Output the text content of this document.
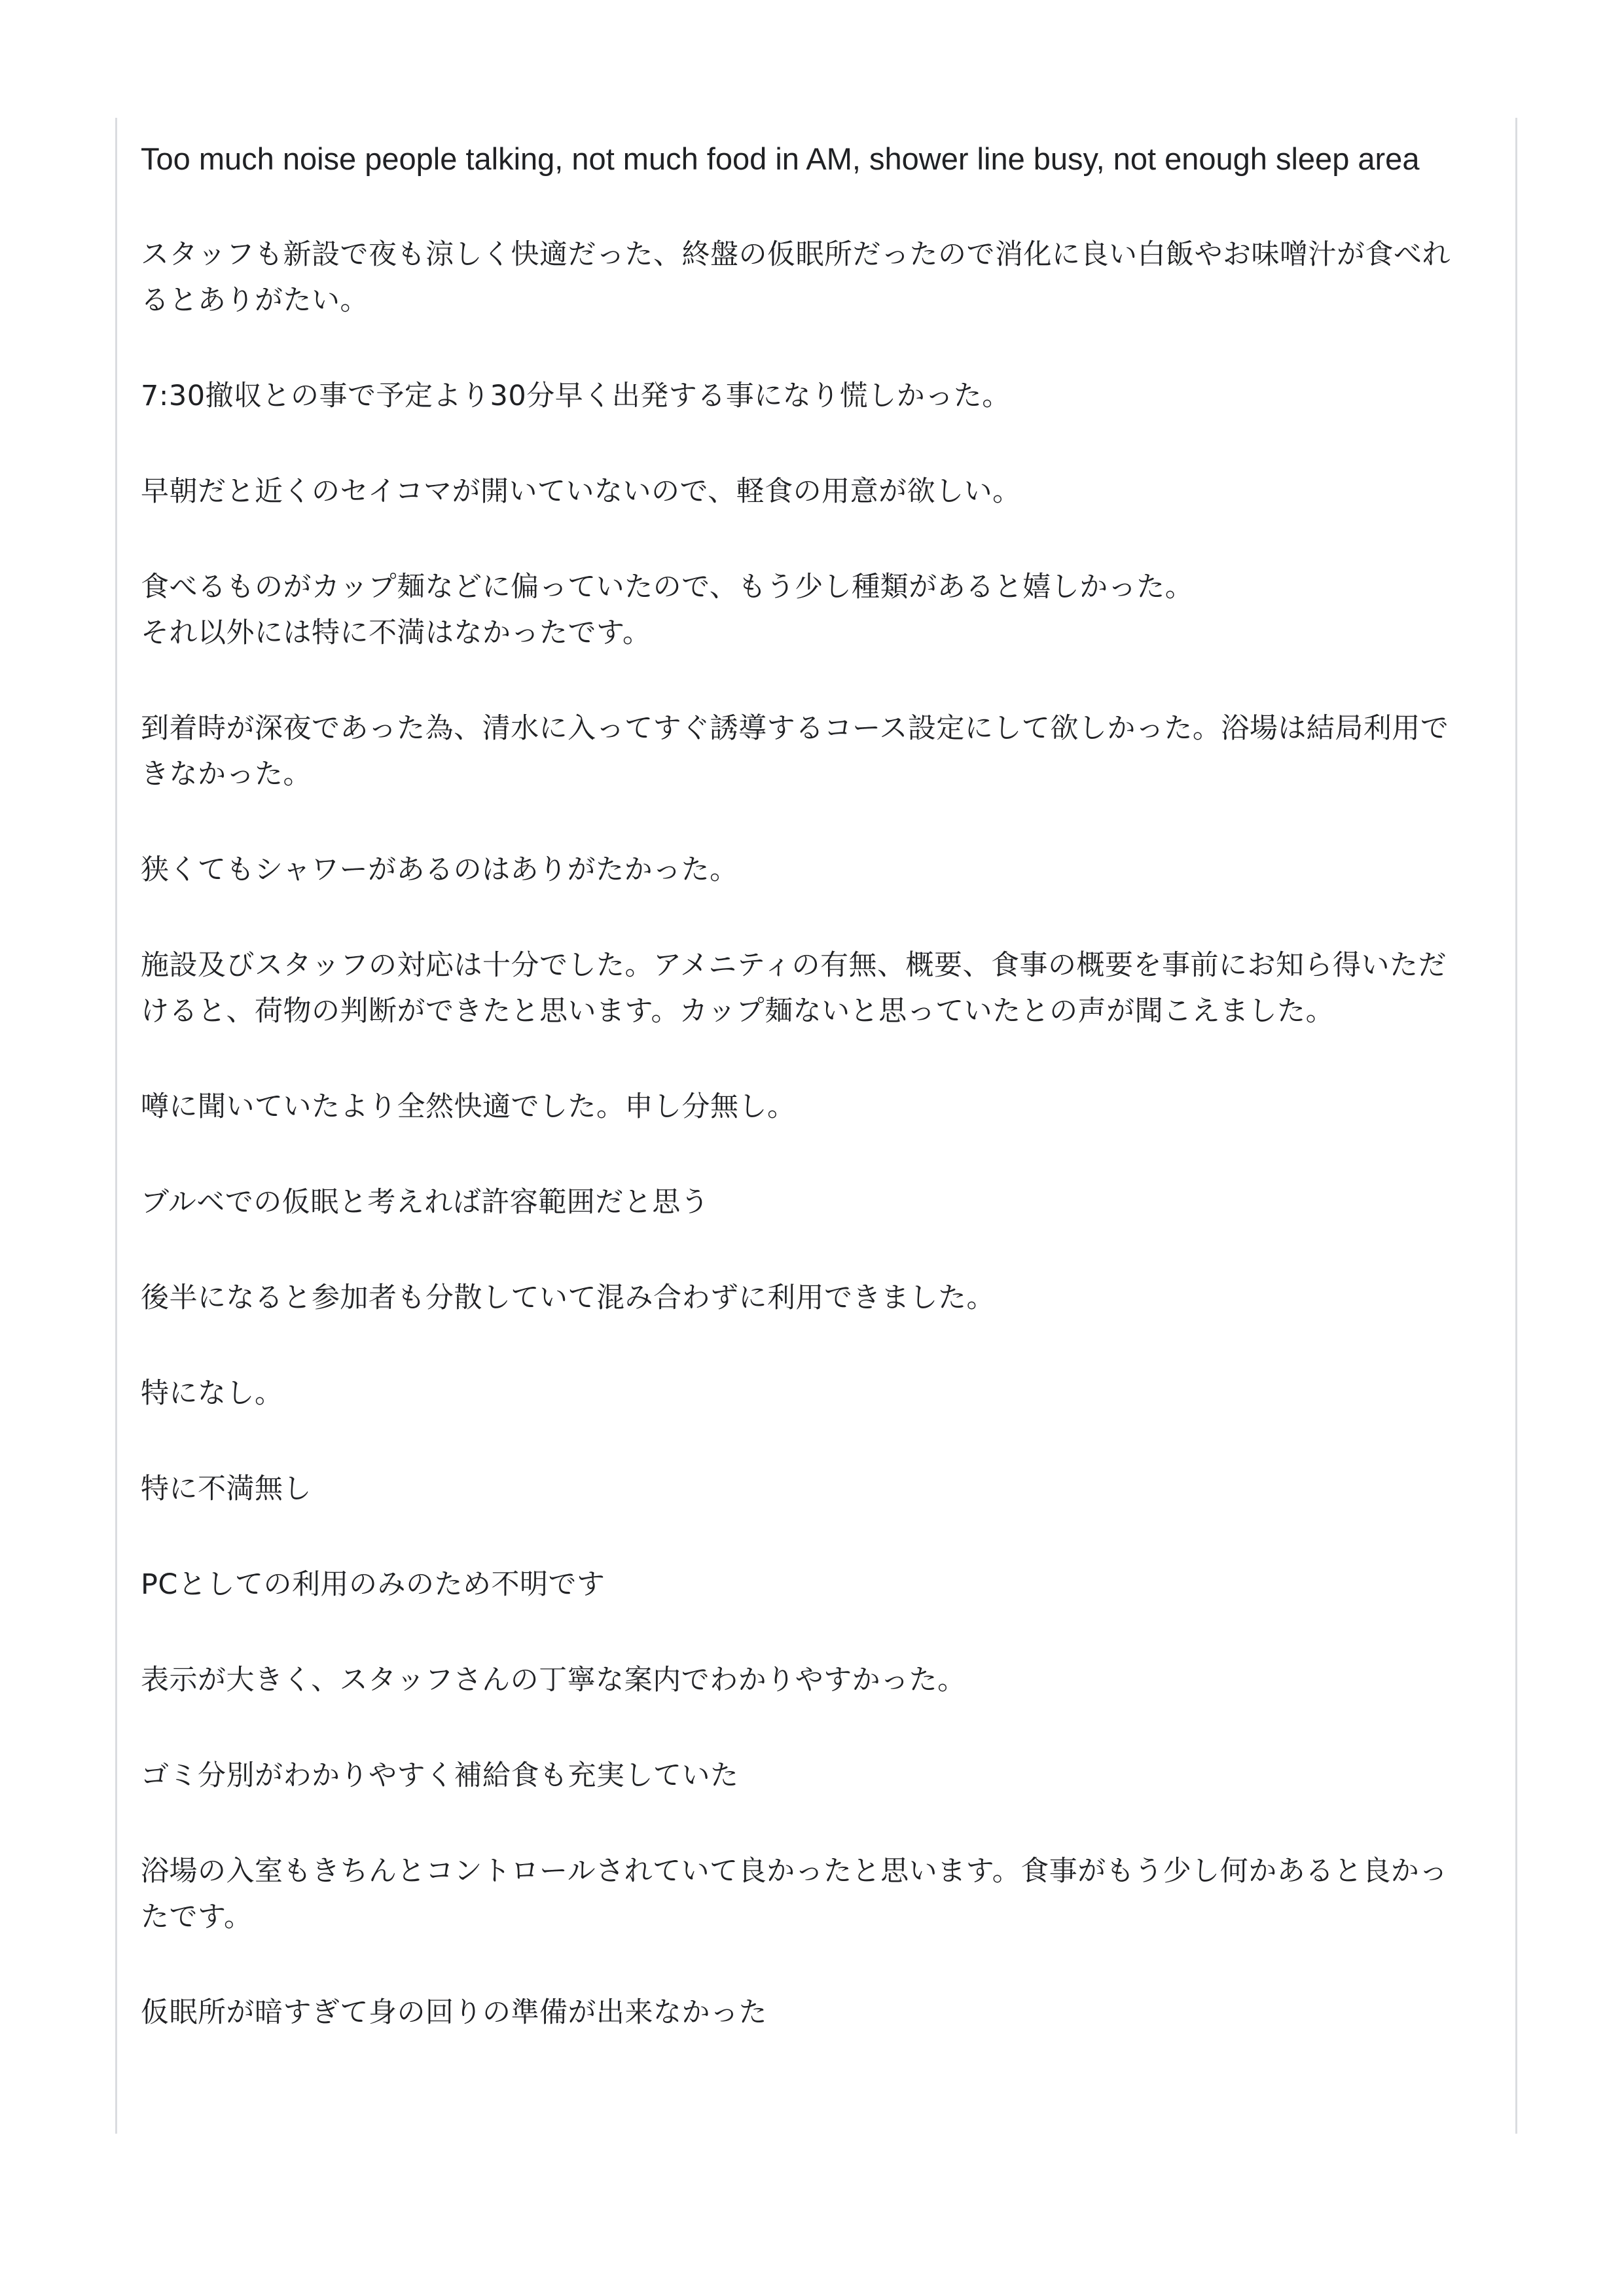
Too much noise people talking, not much food in AM, shower line busy, not enough sleep area
スタッフも新設で夜も涼しく快適だった、終盤の仮眠所だったので消化に良い白飯やお味噌汁が食べれるとありがたい。
7:30撤収との事で予定より30分早く出発する事になり慌しかった。
早朝だと近くのセイコマが開いていないので、軽食の用意が欲しい。
食べるものがカップ麺などに偏っていたので、もう少し種類があると嬉しかった。
それ以外には特に不満はなかったです。
到着時が深夜であった為、清水に入ってすぐ誘導するコース設定にして欲しかった。浴場は結局利用できなかった。
狭くてもシャワーがあるのはありがたかった。
施設及びスタッフの対応は十分でした。アメニティの有無、概要、食事の概要を事前にお知ら得いただけると、荷物の判断ができたと思います。カップ麺ないと思っていたとの声が聞こえました。
噂に聞いていたより全然快適でした。申し分無し。
ブルベでの仮眠と考えれば許容範囲だと思う
後半になると参加者も分散していて混み合わずに利用できました。
特になし。
特に不満無し
PCとしての利用のみのため不明です
表示が大きく、スタッフさんの丁寧な案内でわかりやすかった。
ゴミ分別がわかりやすく補給食も充実していた
浴場の入室もきちんとコントロールされていて良かったと思います。食事がもう少し何かあると良かったです。
仮眠所が暗すぎて身の回りの準備が出来なかった
